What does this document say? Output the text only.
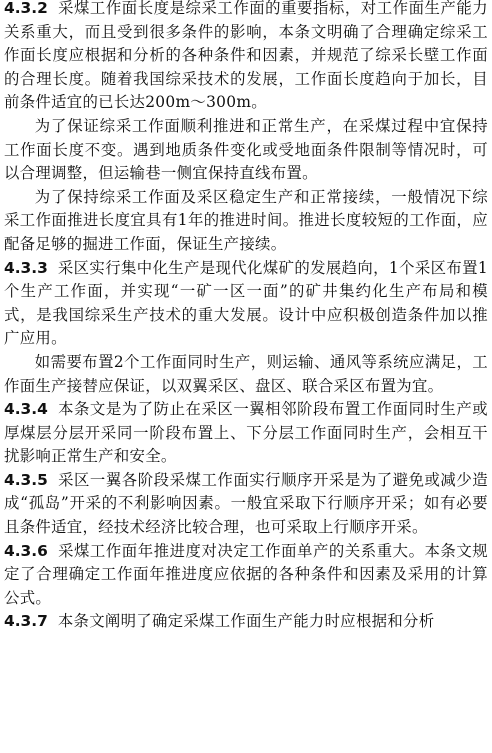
4.3.2 采煤工作面长度是综采工作面的重要指标，对工作面生产能力关系重大，而且受到很多条件的影响，本条文明确了合理确定综采工作面长度应根据和分析的各种条件和因素，并规范了综采长壁工作面的合理长度。随着我国综采技术的发展，工作面长度趋向于加长，目前条件适宜的已长达200m～300m。

为了保证综采工作面顺利推进和正常生产，在采煤过程中宜保持工作面长度不变。遇到地质条件变化或受地面条件限制等情况时，可以合理调整，但运输巷一侧宜保持直线布置。

为了保持综采工作面及采区稳定生产和正常接续，一般情况下综采工作面推进长度宜具有1年的推进时间。推进长度较短的工作面，应配备足够的掘进工作面，保证生产接续。

4.3.3 采区实行集中化生产是现代化煤矿的发展趋向，1个采区布置1个生产工作面，并实现“一矿一区一面”的矿井集约化生产布局和模式，是我国综采生产技术的重大发展。设计中应积极创造条件加以推广应用。

如需要布置2个工作面同时生产，则运输、通风等系统应满足，工作面生产接替应保证，以双翼采区、盘区、联合采区布置为宜。

4.3.4 本条文是为了防止在采区一翼相邻阶段布置工作面同时生产或厚煤层分层开采同一阶段布置上、下分层工作面同时生产，会相互干扰影响正常生产和安全。

4.3.5 采区一翼各阶段采煤工作面实行顺序开采是为了避免或减少造成“孤岛”开采的不利影响因素。一般宜采取下行顺序开采；如有必要且条件适宜，经技术经济比较合理，也可采取上行顺序开采。

4.3.6 采煤工作面年推进度对决定工作面单产的关系重大。本条文规定了合理确定工作面年推进度应依据的各种条件和因素及采用的计算公式。

4.3.7 本条文阐明了确定采煤工作面生产能力时应根据和分析
